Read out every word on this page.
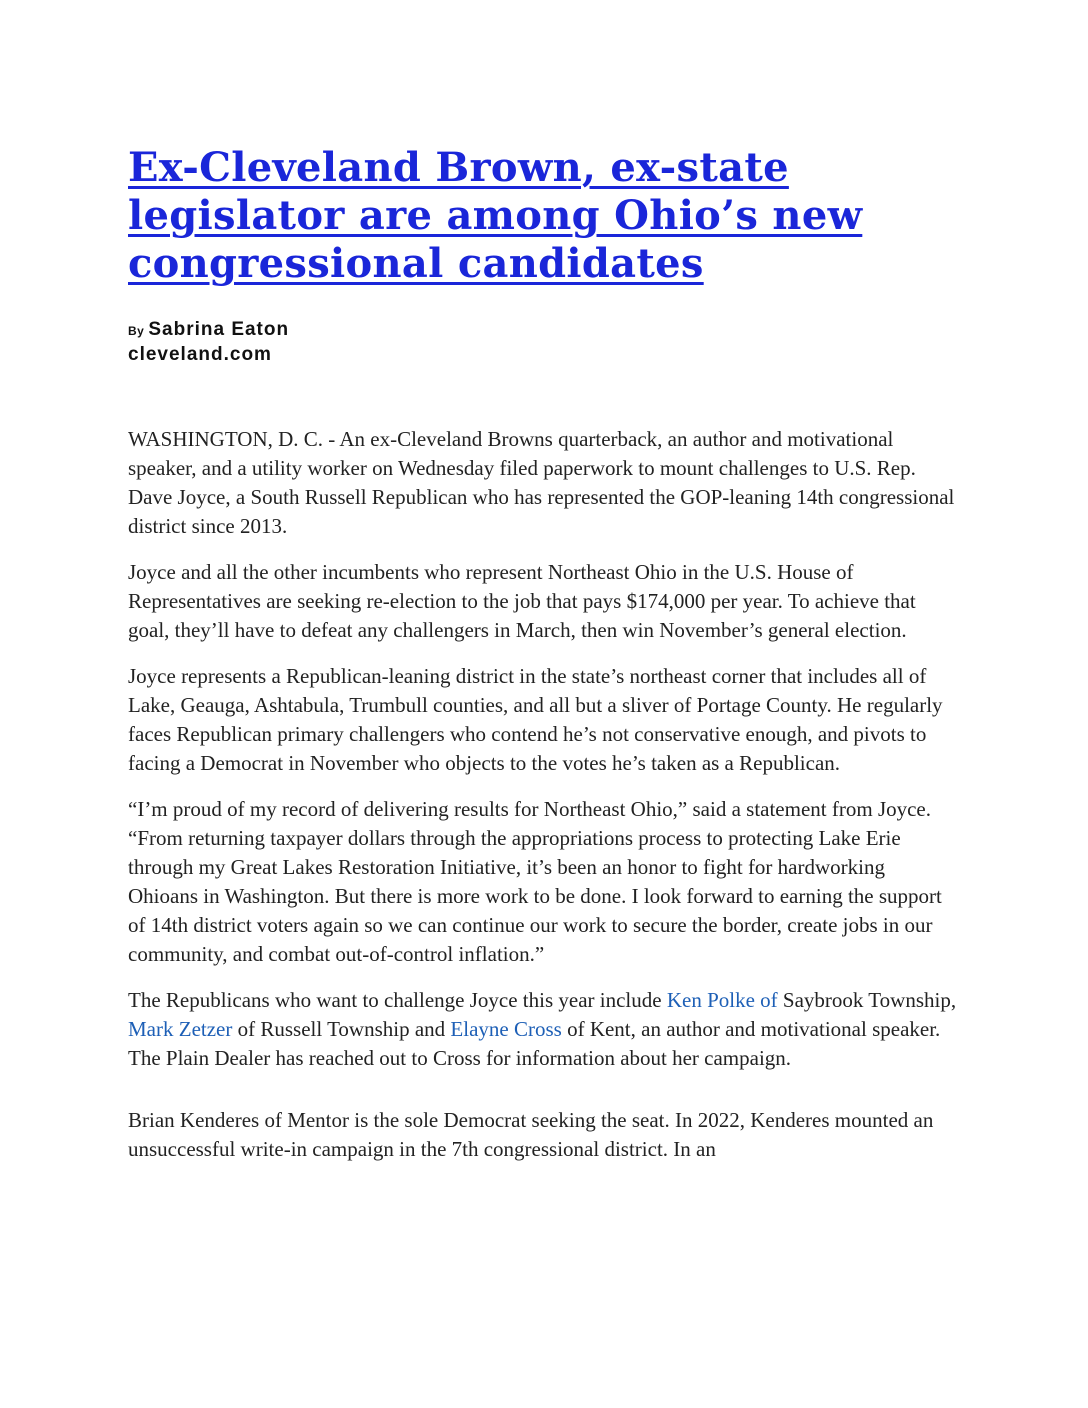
Ex-Cleveland Brown, ex-state legislator are among Ohio’s new congressional candidates
By Sabrina Eaton
cleveland.com

WASHINGTON, D. C. - An ex-Cleveland Browns quarterback, an author and motivational speaker, and a utility worker on Wednesday filed paperwork to mount challenges to U.S. Rep. Dave Joyce, a South Russell Republican who has represented the GOP-leaning 14th congressional district since 2013.

Joyce and all the other incumbents who represent Northeast Ohio in the U.S. House of Representatives are seeking re-election to the job that pays $174,000 per year. To achieve that goal, they’ll have to defeat any challengers in March, then win November’s general election.

Joyce represents a Republican-leaning district in the state’s northeast corner that includes all of Lake, Geauga, Ashtabula, Trumbull counties, and all but a sliver of Portage County. He regularly faces Republican primary challengers who contend he’s not conservative enough, and pivots to facing a Democrat in November who objects to the votes he’s taken as a Republican.

“I’m proud of my record of delivering results for Northeast Ohio,” said a statement from Joyce. “From returning taxpayer dollars through the appropriations process to protecting Lake Erie through my Great Lakes Restoration Initiative, it’s been an honor to fight for hardworking Ohioans in Washington. But there is more work to be done. I look forward to earning the support of 14th district voters again so we can continue our work to secure the border, create jobs in our community, and combat out-of-control inflation.”

The Republicans who want to challenge Joyce this year include Ken Polke of Saybrook Township, Mark Zetzer of Russell Township and Elayne Cross of Kent, an author and motivational speaker. The Plain Dealer has reached out to Cross for information about her campaign.

Brian Kenderes of Mentor is the sole Democrat seeking the seat. In 2022, Kenderes mounted an unsuccessful write-in campaign in the 7th congressional district. In an
